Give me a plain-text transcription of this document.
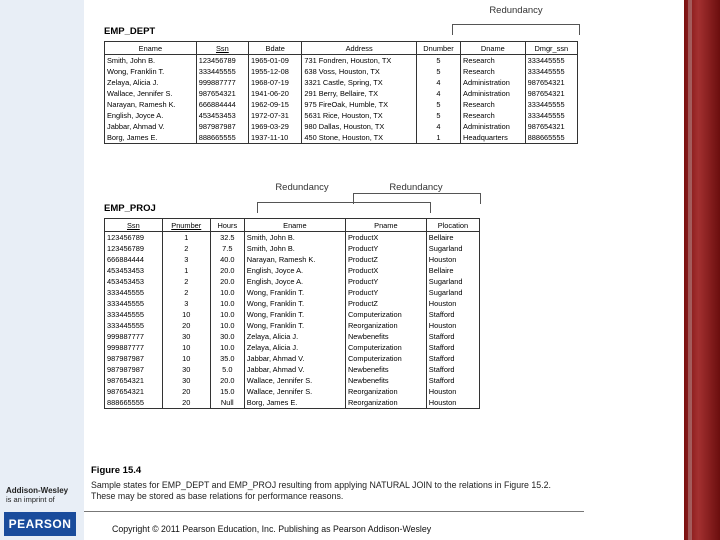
Addison-Wesley
is an imprint of
PEARSON
Redundancy
EMP_DEPT
Ename	Ssn	Bdate	Address	Dnumber	Dname	Dmgr_ssn
Smith, John B.	123456789	1965-01-09	731 Fondren, Houston, TX	5	Research	333445555
Wong, Franklin T.	333445555	1955-12-08	638 Voss, Houston, TX	5	Research	333445555
Zelaya, Alicia J.	999887777	1968-07-19	3321 Castle, Spring, TX	4	Administration	987654321
Wallace, Jennifer S.	987654321	1941-06-20	291 Berry, Bellaire, TX	4	Administration	987654321
Narayan, Ramesh K.	666884444	1962-09-15	975 FireOak, Humble, TX	5	Research	333445555
English, Joyce A.	453453453	1972-07-31	5631 Rice, Houston, TX	5	Research	333445555
Jabbar, Ahmad V.	987987987	1969-03-29	980 Dallas, Houston, TX	4	Administration	987654321
Borg, James E.	888665555	1937-11-10	450 Stone, Houston, TX	1	Headquarters	888665555
Redundancy	Redundancy
EMP_PROJ
Ssn	Pnumber	Hours	Ename	Pname	Plocation
123456789	1	32.5	Smith, John B.	ProductX	Bellaire
123456789	2	7.5	Smith, John B.	ProductY	Sugarland
666884444	3	40.0	Narayan, Ramesh K.	ProductZ	Houston
453453453	1	20.0	English, Joyce A.	ProductX	Bellaire
453453453	2	20.0	English, Joyce A.	ProductY	Sugarland
333445555	2	10.0	Wong, Franklin T.	ProductY	Sugarland
333445555	3	10.0	Wong, Franklin T.	ProductZ	Houston
333445555	10	10.0	Wong, Franklin T.	Computerization	Stafford
333445555	20	10.0	Wong, Franklin T.	Reorganization	Houston
999887777	30	30.0	Zelaya, Alicia J.	Newbenefits	Stafford
999887777	10	10.0	Zelaya, Alicia J.	Computerization	Stafford
987987987	10	35.0	Jabbar, Ahmad V.	Computerization	Stafford
987987987	30	5.0	Jabbar, Ahmad V.	Newbenefits	Stafford
987654321	30	20.0	Wallace, Jennifer S.	Newbenefits	Stafford
987654321	20	15.0	Wallace, Jennifer S.	Reorganization	Houston
888665555	20	Null	Borg, James E.	Reorganization	Houston
Figure 15.4
Sample states for EMP_DEPT and EMP_PROJ resulting from applying NATURAL JOIN to the relations in Figure 15.2. These may be stored as base relations for performance reasons.
Copyright © 2011 Pearson Education, Inc. Publishing as Pearson Addison-Wesley
